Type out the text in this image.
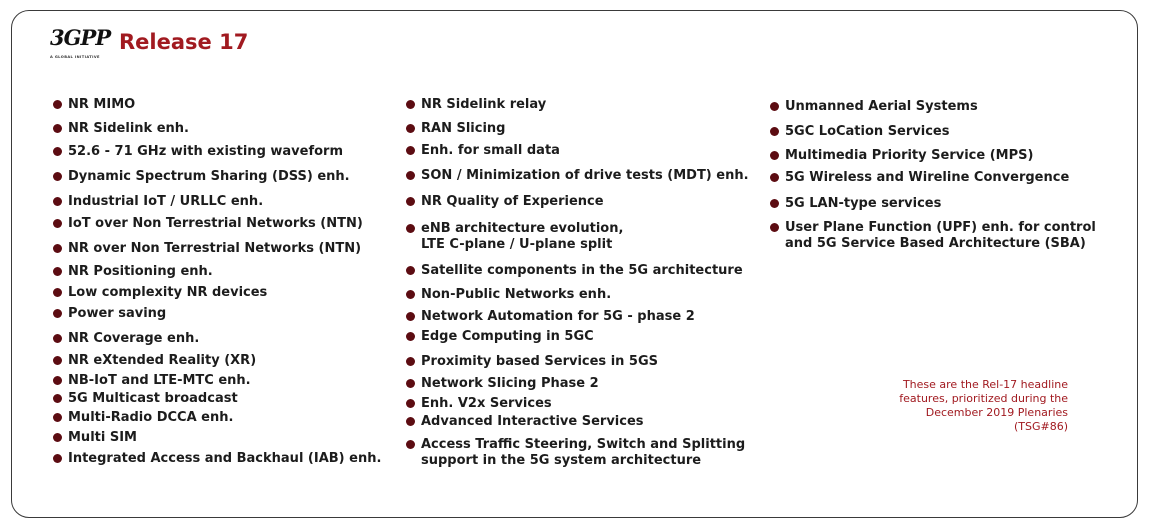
3GPP
A GLOBAL INITIATIVE
Release 17
NR MIMO
NR Sidelink enh.
52.6 - 71 GHz with existing waveform
Dynamic Spectrum Sharing (DSS) enh.
Industrial IoT / URLLC enh.
IoT over Non Terrestrial Networks (NTN)
NR over Non Terrestrial Networks (NTN)
NR Positioning enh.
Low complexity NR devices
Power saving
NR Coverage enh.
NR eXtended Reality (XR)
NB-IoT and LTE-MTC enh.
5G Multicast broadcast
Multi-Radio DCCA enh.
Multi SIM
Integrated Access and Backhaul (IAB) enh.
NR Sidelink relay
RAN Slicing
Enh. for small data
SON / Minimization of drive tests (MDT) enh.
NR Quality of Experience
eNB architecture evolution,
LTE C-plane / U-plane split
Satellite components in the 5G architecture
Non-Public Networks enh.
Network Automation for 5G - phase 2
Edge Computing in 5GC
Proximity based Services in 5GS
Network Slicing Phase 2
Enh. V2x Services
Advanced Interactive Services
Access Traffic Steering, Switch and Splitting
support in the 5G system architecture
Unmanned Aerial Systems
5GC LoCation Services
Multimedia Priority Service (MPS)
5G Wireless and Wireline Convergence
5G LAN-type services
User Plane Function (UPF) enh. for control
and 5G Service Based Architecture (SBA)
These are the Rel-17 headline
features, prioritized during the
December 2019 Plenaries
(TSG#86)
